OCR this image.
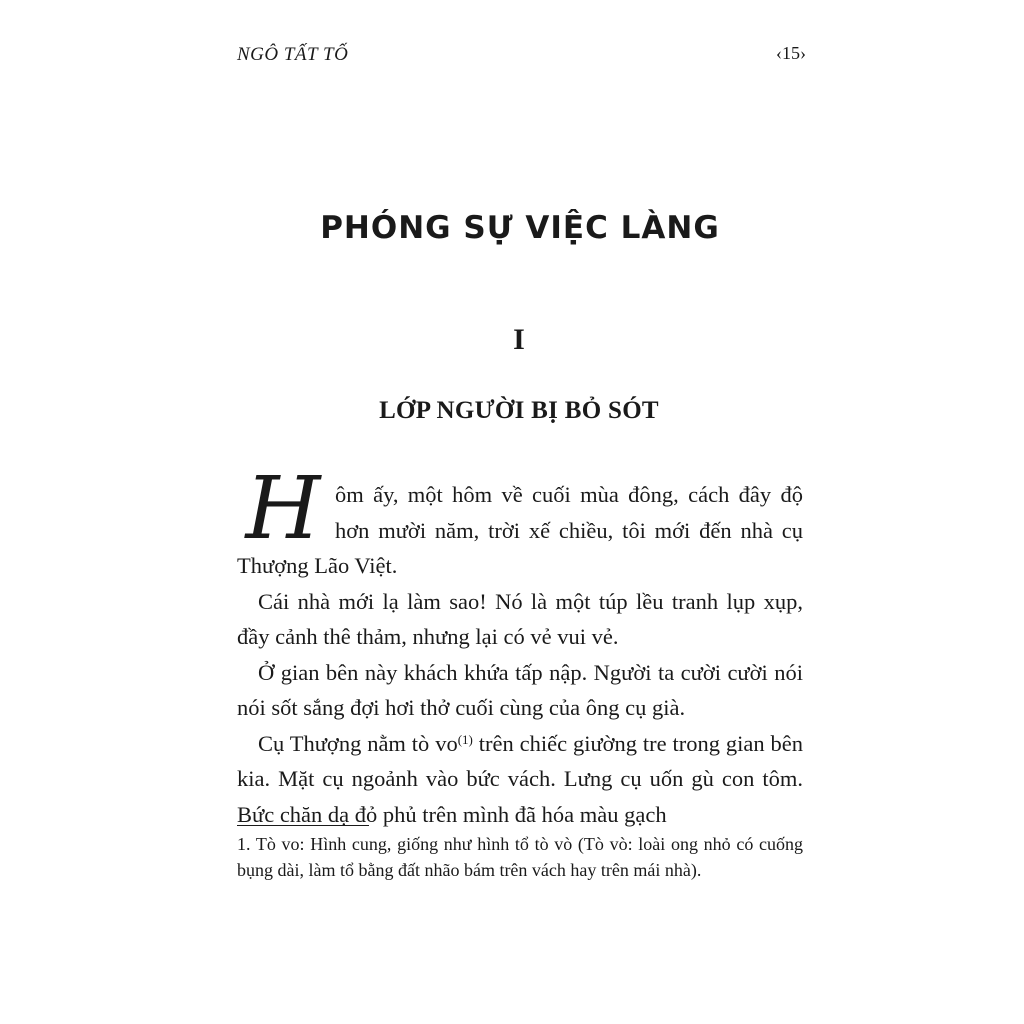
NGÔ TẤT TỐ	‹15›
PHÓNG SỰ VIỆC LÀNG
I
LỚP NGƯỜI BỊ BỎ SÓT

Hôm ấy, một hôm về cuối mùa đông, cách đây độ hơn mười năm, trời xế chiều, tôi mới đến nhà cụ Thượng Lão Việt.

Cái nhà mới lạ làm sao! Nó là một túp lều tranh lụp xụp, đầy cảnh thê thảm, nhưng lại có vẻ vui vẻ.

Ở gian bên này khách khứa tấp nập. Người ta cười cười nói nói sốt sắng đợi hơi thở cuối cùng của ông cụ già.

Cụ Thượng nằm tò vo$^{(1)}$ trên chiếc giường tre trong gian bên kia. Mặt cụ ngoảnh vào bức vách. Lưng cụ uốn gù con tôm. Bức chăn dạ đỏ phủ trên mình đã hóa màu gạch

1. Tò vo: Hình cung, giống như hình tổ tò vò (Tò vò: loài ong nhỏ có cuống bụng dài, làm tổ bằng đất nhão bám trên vách hay trên mái nhà).
